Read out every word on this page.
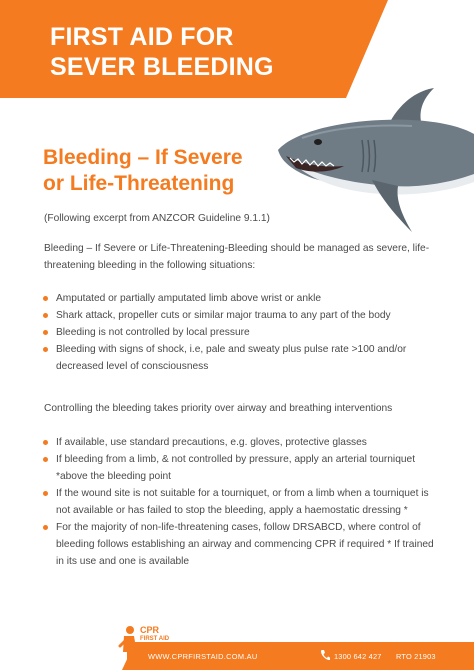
FIRST AID FOR
SEVER BLEEDING
Bleeding – If Severe
or Life-Threatening

(Following excerpt from ANZCOR Guideline 9.1.1)

Bleeding – If Severe or Life-Threatening-Bleeding should be managed as severe, life-threatening bleeding in the following situations:

Amputated or partially amputated limb above wrist or ankle
Shark attack, propeller cuts or similar major trauma to any part of the body
Bleeding is not controlled by local pressure
Bleeding with signs of shock, i.e, pale and sweaty plus pulse rate >100 and/or decreased level of consciousness

Controlling the bleeding takes priority over airway and breathing interventions

If available, use standard precautions, e.g. gloves, protective glasses
If bleeding from a limb, & not controlled by pressure, apply an arterial tourniquet *above the bleeding point
If the wound site is not suitable for a tourniquet, or from a limb when a tourniquet is not available or has failed to stop the bleeding, apply a haemostatic dressing *
For the majority of non-life-threatening cases, follow DRSABCD, where control of bleeding follows establishing an airway and commencing CPR if required * If trained in its use and one is available
CPR
FIRST AID
WWW.CPRFIRSTAID.COM.AU	1300 642 427 RTO 21903
